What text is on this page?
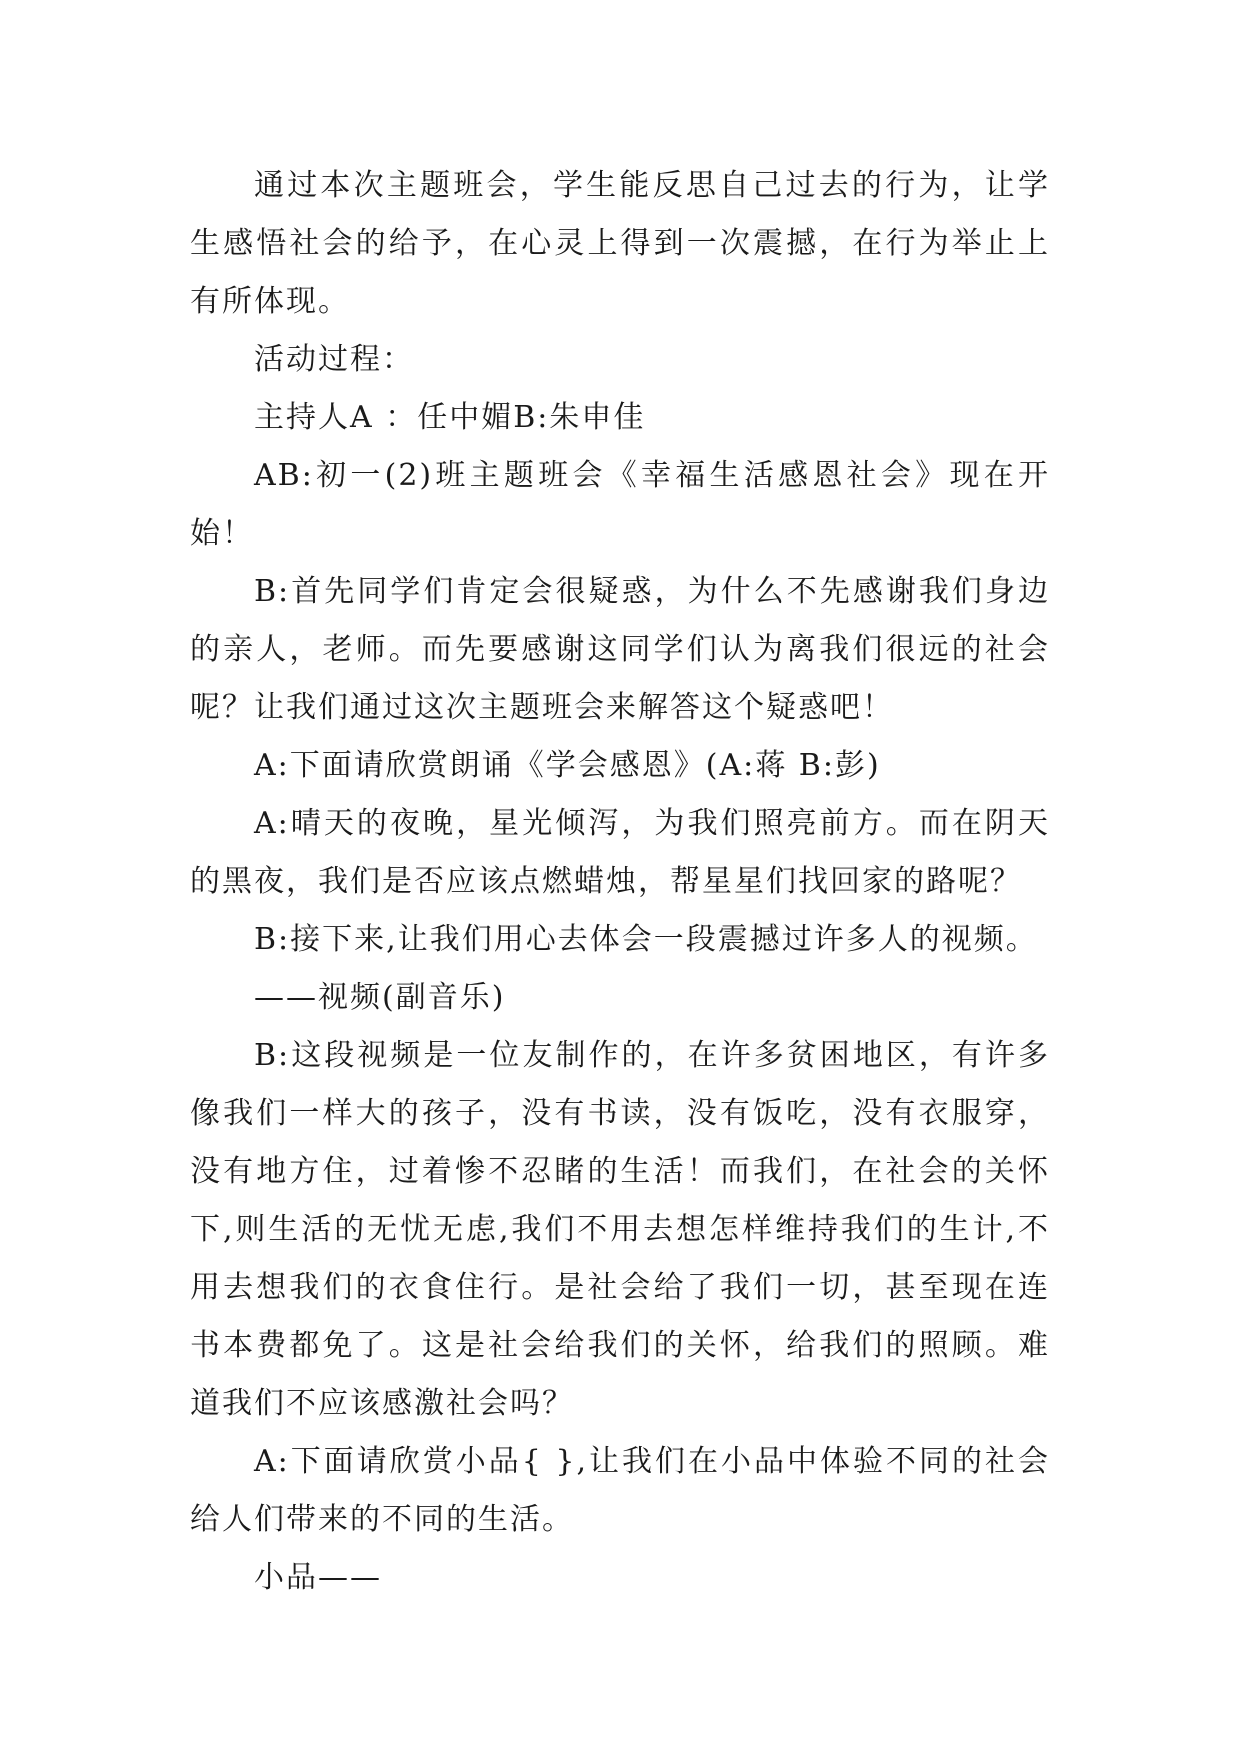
通过本次主题班会，学生能反思自己过去的行为，让学生感悟社会的给予，在心灵上得到一次震撼，在行为举止上有所体现。

活动过程：

主持人A ：任中媚B:朱申佳

AB:初一(2)班主题班会《幸福生活感恩社会》现在开始！

B:首先同学们肯定会很疑惑，为什么不先感谢我们身边的亲人，老师。而先要感谢这同学们认为离我们很远的社会呢？让我们通过这次主题班会来解答这个疑惑吧！

A:下面请欣赏朗诵《学会感恩》(A:蒋 B:彭)

A:晴天的夜晚，星光倾泻，为我们照亮前方。而在阴天的黑夜，我们是否应该点燃蜡烛，帮星星们找回家的路呢？

B:接下来,让我们用心去体会一段震撼过许多人的视频。

——视频(副音乐)

B:这段视频是一位友制作的，在许多贫困地区，有许多像我们一样大的孩子，没有书读，没有饭吃，没有衣服穿，没有地方住，过着惨不忍睹的生活！而我们，在社会的关怀下,则生活的无忧无虑,我们不用去想怎样维持我们的生计,不用去想我们的衣食住行。是社会给了我们一切，甚至现在连书本费都免了。这是社会给我们的关怀，给我们的照顾。难道我们不应该感激社会吗？

A:下面请欣赏小品{ },让我们在小品中体验不同的社会给人们带来的不同的生活。

小品——
